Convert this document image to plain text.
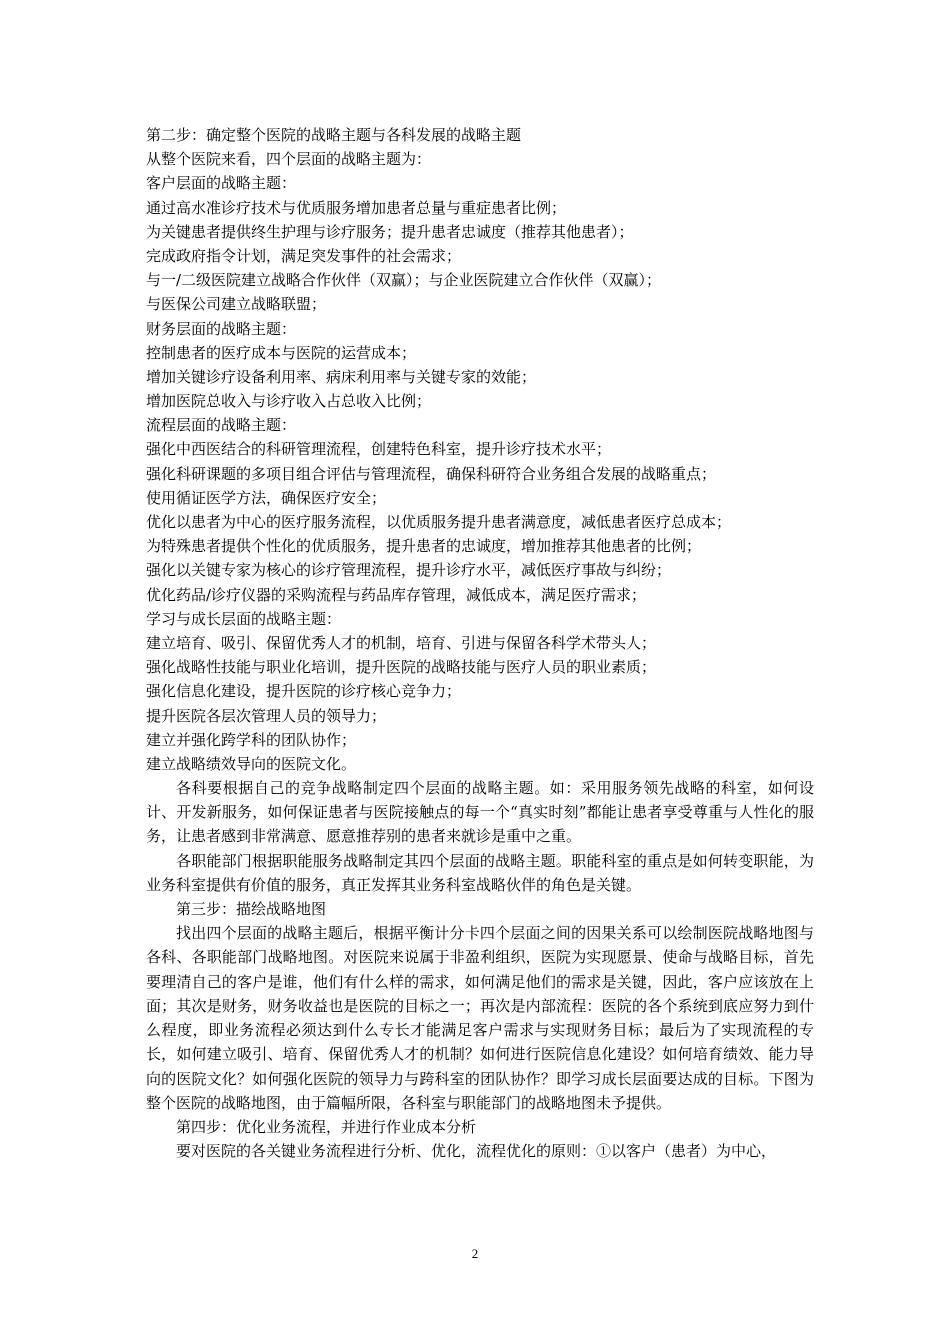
第二步：确定整个医院的战略主题与各科发展的战略主题
从整个医院来看，四个层面的战略主题为：
客户层面的战略主题：
通过高水准诊疗技术与优质服务增加患者总量与重症患者比例；
为关键患者提供终生护理与诊疗服务；提升患者忠诚度（推荐其他患者）；
完成政府指令计划，满足突发事件的社会需求；
与一/二级医院建立战略合作伙伴（双赢）；与企业医院建立合作伙伴（双赢）；
与医保公司建立战略联盟；
财务层面的战略主题：
控制患者的医疗成本与医院的运营成本；
增加关键诊疗设备利用率、病床利用率与关键专家的效能；
增加医院总收入与诊疗收入占总收入比例；
流程层面的战略主题：
强化中西医结合的科研管理流程，创建特色科室，提升诊疗技术水平；
强化科研课题的多项目组合评估与管理流程，确保科研符合业务组合发展的战略重点；
使用循证医学方法，确保医疗安全；
优化以患者为中心的医疗服务流程，以优质服务提升患者满意度，减低患者医疗总成本；
为特殊患者提供个性化的优质服务，提升患者的忠诚度，增加推荐其他患者的比例；
强化以关键专家为核心的诊疗管理流程，提升诊疗水平，减低医疗事故与纠纷；
优化药品/诊疗仪器的采购流程与药品库存管理，减低成本，满足医疗需求；
学习与成长层面的战略主题：
建立培育、吸引、保留优秀人才的机制，培育、引进与保留各科学术带头人；
强化战略性技能与职业化培训，提升医院的战略技能与医疗人员的职业素质；
强化信息化建设，提升医院的诊疗核心竞争力；
提升医院各层次管理人员的领导力；
建立并强化跨学科的团队协作；
建立战略绩效导向的医院文化。
各科要根据自己的竞争战略制定四个层面的战略主题。如：采用服务领先战略的科室，如何设计、开发新服务，如何保证患者与医院接触点的每一个“真实时刻”都能让患者享受尊重与人性化的服务，让患者感到非常满意、愿意推荐别的患者来就诊是重中之重。
各职能部门根据职能服务战略制定其四个层面的战略主题。职能科室的重点是如何转变职能，为业务科室提供有价值的服务，真正发挥其业务科室战略伙伴的角色是关键。
第三步：描绘战略地图
找出四个层面的战略主题后，根据平衡计分卡四个层面之间的因果关系可以绘制医院战略地图与各科、各职能部门战略地图。对医院来说属于非盈利组织，医院为实现愿景、使命与战略目标，首先要理清自己的客户是谁，他们有什么样的需求，如何满足他们的需求是关键，因此，客户应该放在上面；其次是财务，财务收益也是医院的目标之一；再次是内部流程：医院的各个系统到底应努力到什么程度，即业务流程必须达到什么专长才能满足客户需求与实现财务目标；最后为了实现流程的专长，如何建立吸引、培育、保留优秀人才的机制？如何进行医院信息化建设？如何培育绩效、能力导向的医院文化？如何强化医院的领导力与跨科室的团队协作？即学习成长层面要达成的目标。下图为整个医院的战略地图，由于篇幅所限，各科室与职能部门的战略地图未予提供。
第四步：优化业务流程，并进行作业成本分析
要对医院的各关键业务流程进行分析、优化，流程优化的原则：①以客户（患者）为中心，
2
